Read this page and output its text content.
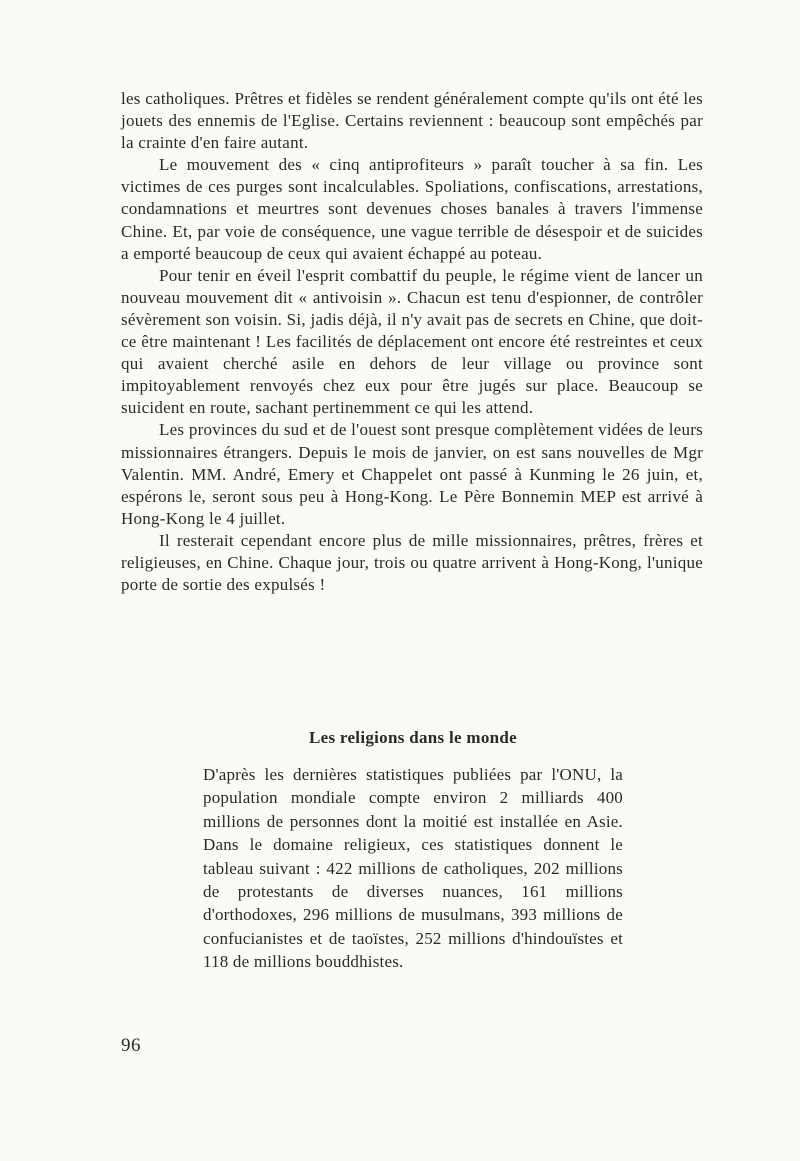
les catholiques. Prêtres et fidèles se rendent généralement compte qu'ils ont été les jouets des ennemis de l'Eglise. Certains reviennent : beaucoup sont empêchés par la crainte d'en faire autant.

Le mouvement des « cinq antiprofiteurs » paraît toucher à sa fin. Les victimes de ces purges sont incalculables. Spoliations, confiscations, arrestations, condamnations et meurtres sont devenues choses banales à travers l'immense Chine. Et, par voie de conséquence, une vague terrible de désespoir et de suicides a emporté beaucoup de ceux qui avaient échappé au poteau.

Pour tenir en éveil l'esprit combattif du peuple, le régime vient de lancer un nouveau mouvement dit « antivoisin ». Chacun est tenu d'espionner, de contrôler sévèrement son voisin. Si, jadis déjà, il n'y avait pas de secrets en Chine, que doit-ce être maintenant ! Les facilités de déplacement ont encore été restreintes et ceux qui avaient cherché asile en dehors de leur village ou province sont impitoyablement renvoyés chez eux pour être jugés sur place. Beaucoup se suicident en route, sachant pertinemment ce qui les attend.

Les provinces du sud et de l'ouest sont presque complètement vidées de leurs missionnaires étrangers. Depuis le mois de janvier, on est sans nouvelles de Mgr Valentin. MM. André, Emery et Chappelet ont passé à Kunming le 26 juin, et, espérons le, seront sous peu à Hong-Kong. Le Père Bonnemin MEP est arrivé à Hong-Kong le 4 juillet.

Il resterait cependant encore plus de mille missionnaires, prêtres, frères et religieuses, en Chine. Chaque jour, trois ou quatre arrivent à Hong-Kong, l'unique porte de sortie des expulsés !

Les religions dans le monde

D'après les dernières statistiques publiées par l'ONU, la population mondiale compte environ 2 milliards 400 millions de personnes dont la moitié est installée en Asie. Dans le domaine religieux, ces statistiques donnent le tableau suivant : 422 millions de catholiques, 202 millions de protestants de diverses nuances, 161 millions d'orthodoxes, 296 millions de musulmans, 393 millions de confucianistes et de taoïstes, 252 millions d'hindouïstes et 118 de millions bouddhistes.

96
